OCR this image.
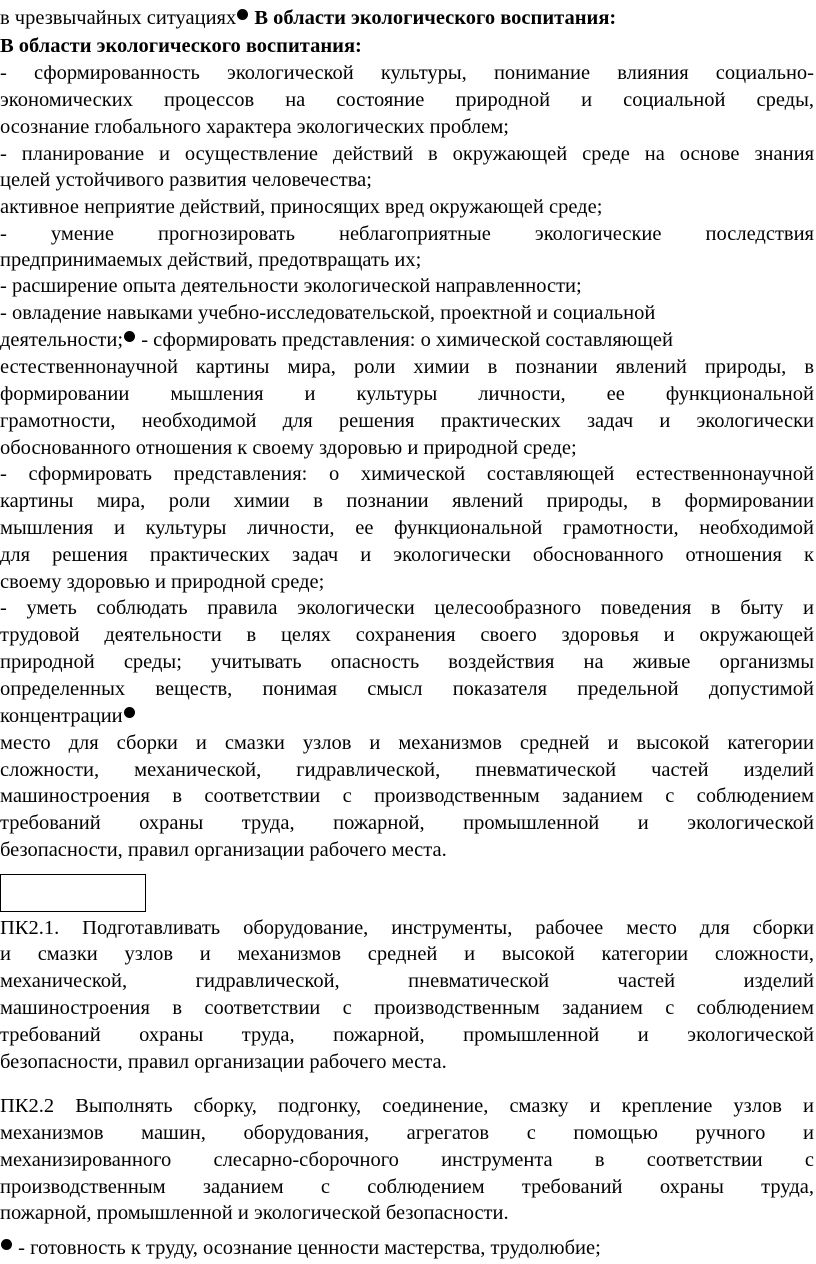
в чрезвычайных ситуациях В области экологического воспитания:
В области экологического воспитания:
- сформированность экологической культуры, понимание влияния социально-
экономических процессов на состояние природной и социальной среды,
осознание глобального характера экологических проблем;
- планирование и осуществление действий в окружающей среде на основе знания
целей устойчивого развития человечества;
активное неприятие действий, приносящих вред окружающей среде;
- умение прогнозировать неблагоприятные экологические последствия
предпринимаемых действий, предотвращать их;
- расширение опыта деятельности экологической направленности;
- овладение навыками учебно-исследовательской, проектной и социальной
деятельности; - сформировать представления: о химической составляющей
естественнонаучной картины мира, роли химии в познании явлений природы, в
формировании мышления и культуры личности, ее функциональной
грамотности, необходимой для решения практических задач и экологически
обоснованного отношения к своему здоровью и природной среде;
- сформировать представления: о химической составляющей естественнонаучной
картины мира, роли химии в познании явлений природы, в формировании
мышления и культуры личности, ее функциональной грамотности, необходимой
для решения практических задач и экологически обоснованного отношения к
своему здоровью и природной среде;
- уметь соблюдать правила экологически целесообразного поведения в быту и
трудовой деятельности в целях сохранения своего здоровья и окружающей
природной среды; учитывать опасность воздействия на живые организмы
определенных веществ, понимая смысл показателя предельной допустимой
концентрации
место для сборки и смазки узлов и механизмов средней и высокой категории
сложности, механической, гидравлической, пневматической частей изделий
машиностроения в соответствии с производственным заданием с соблюдением
требований охраны труда, пожарной, промышленной и экологической
безопасности, правил организации рабочего места.
ПК2.1. Подготавливать оборудование, инструменты, рабочее место для сборки
и смазки узлов и механизмов средней и высокой категории сложности,
механической, гидравлической, пневматической частей изделий
машиностроения в соответствии с производственным заданием с соблюдением
требований охраны труда, пожарной, промышленной и экологической
безопасности, правил организации рабочего места.
ПК2.2 Выполнять сборку, подгонку, соединение, смазку и крепление узлов и
механизмов машин, оборудования, агрегатов с помощью ручного и
механизированного слесарно-сборочного инструмента в соответствии с
производственным заданием с соблюдением требований охраны труда,
пожарной, промышленной и экологической безопасности.
- готовность к труду, осознание ценности мастерства, трудолюбие;
